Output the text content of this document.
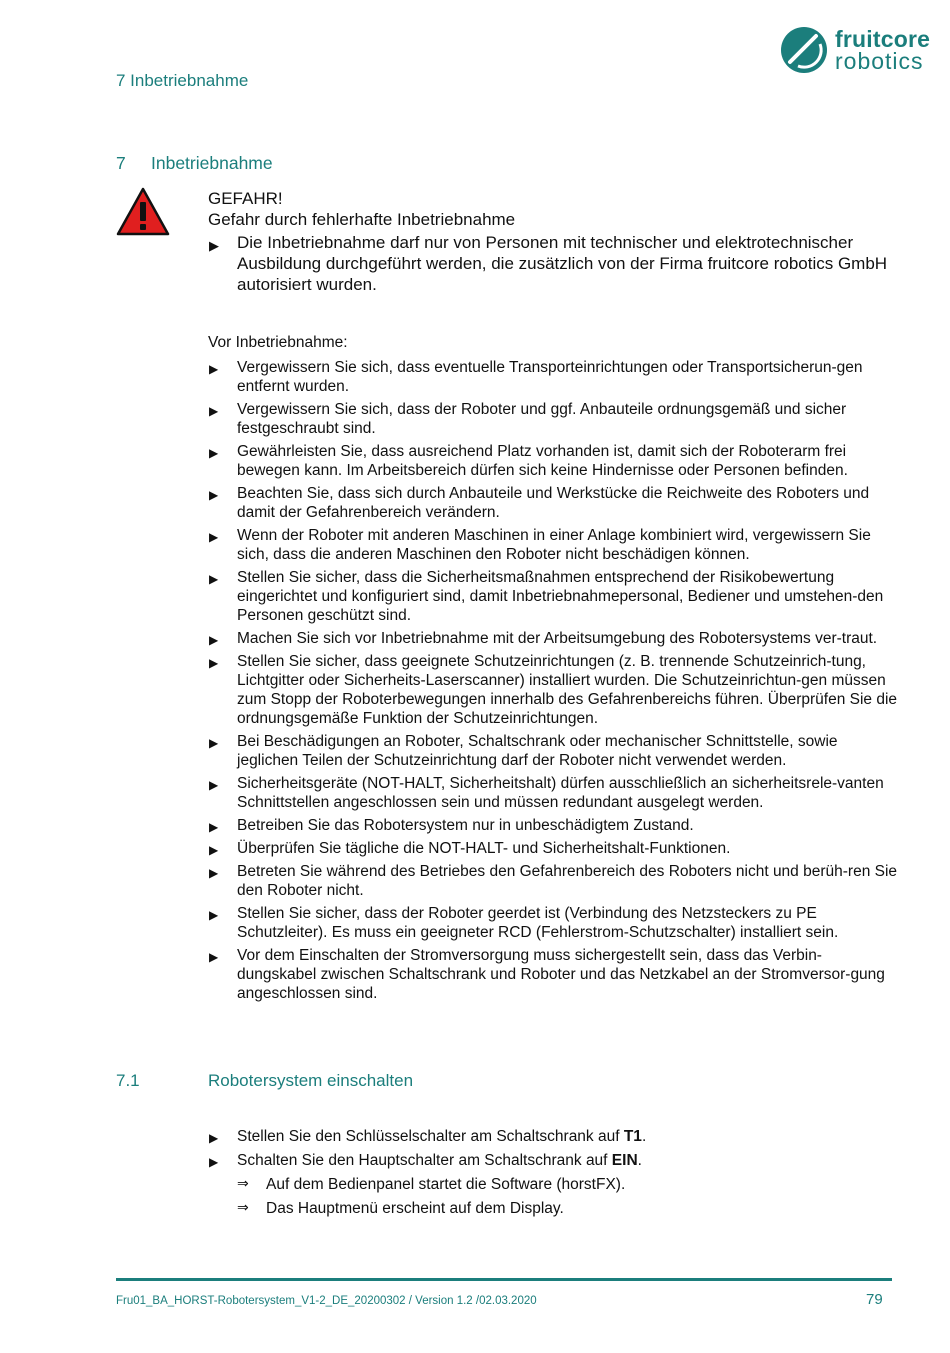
7 Inbetriebnahme
fruitcore
robotics
7 Inbetriebnahme
GEFAHR!
Gefahr durch fehlerhafte Inbetriebnahme
▶ Die Inbetriebnahme darf nur von Personen mit technischer und elektrotechnischer Ausbildung durchgeführt werden, die zusätzlich von der Firma fruitcore robotics GmbH autorisiert wurden.
Vor Inbetriebnahme:
▶ Vergewissern Sie sich, dass eventuelle Transporteinrichtungen oder Transportsicherun-gen entfernt wurden.
▶ Vergewissern Sie sich, dass der Roboter und ggf. Anbauteile ordnungsgemäß und sicher festgeschraubt sind.
▶ Gewährleisten Sie, dass ausreichend Platz vorhanden ist, damit sich der Roboterarm frei bewegen kann. Im Arbeitsbereich dürfen sich keine Hindernisse oder Personen befinden.
▶ Beachten Sie, dass sich durch Anbauteile und Werkstücke die Reichweite des Roboters und damit der Gefahrenbereich verändern.
▶ Wenn der Roboter mit anderen Maschinen in einer Anlage kombiniert wird, vergewissern Sie sich, dass die anderen Maschinen den Roboter nicht beschädigen können.
▶ Stellen Sie sicher, dass die Sicherheitsmaßnahmen entsprechend der Risikobewertung eingerichtet und konfiguriert sind, damit Inbetriebnahmepersonal, Bediener und umstehen-den Personen geschützt sind.
▶ Machen Sie sich vor Inbetriebnahme mit der Arbeitsumgebung des Robotersystems ver-traut.
▶ Stellen Sie sicher, dass geeignete Schutzeinrichtungen (z. B. trennende Schutzeinrich-tung, Lichtgitter oder Sicherheits-Laserscanner) installiert wurden. Die Schutzeinrichtun-gen müssen zum Stopp der Roboterbewegungen innerhalb des Gefahrenbereichs führen. Überprüfen Sie die ordnungsgemäße Funktion der Schutzeinrichtungen.
▶ Bei Beschädigungen an Roboter, Schaltschrank oder mechanischer Schnittstelle, sowie jeglichen Teilen der Schutzeinrichtung darf der Roboter nicht verwendet werden.
▶ Sicherheitsgeräte (NOT-HALT, Sicherheitshalt) dürfen ausschließlich an sicherheitsrele-vanten Schnittstellen angeschlossen sein und müssen redundant ausgelegt werden.
▶ Betreiben Sie das Robotersystem nur in unbeschädigtem Zustand.
▶ Überprüfen Sie tägliche die NOT-HALT- und Sicherheitshalt-Funktionen.
▶ Betreten Sie während des Betriebes den Gefahrenbereich des Roboters nicht und berüh-ren Sie den Roboter nicht.
▶ Stellen Sie sicher, dass der Roboter geerdet ist (Verbindung des Netzsteckers zu PE Schutzleiter). Es muss ein geeigneter RCD (Fehlerstrom-Schutzschalter) installiert sein.
▶ Vor dem Einschalten der Stromversorgung muss sichergestellt sein, dass das Verbin-dungskabel zwischen Schaltschrank und Roboter und das Netzkabel an der Stromversor-gung angeschlossen sind.
7.1	Robotersystem einschalten
▶ Stellen Sie den Schlüsselschalter am Schaltschrank auf T1.
▶ Schalten Sie den Hauptschalter am Schaltschrank auf EIN.
⇒ Auf dem Bedienpanel startet die Software (horstFX).
⇒ Das Hauptmenü erscheint auf dem Display.
Fru01_BA_HORST-Robotersystem_V1-2_DE_20200302 / Version 1.2 /02.03.2020	79
